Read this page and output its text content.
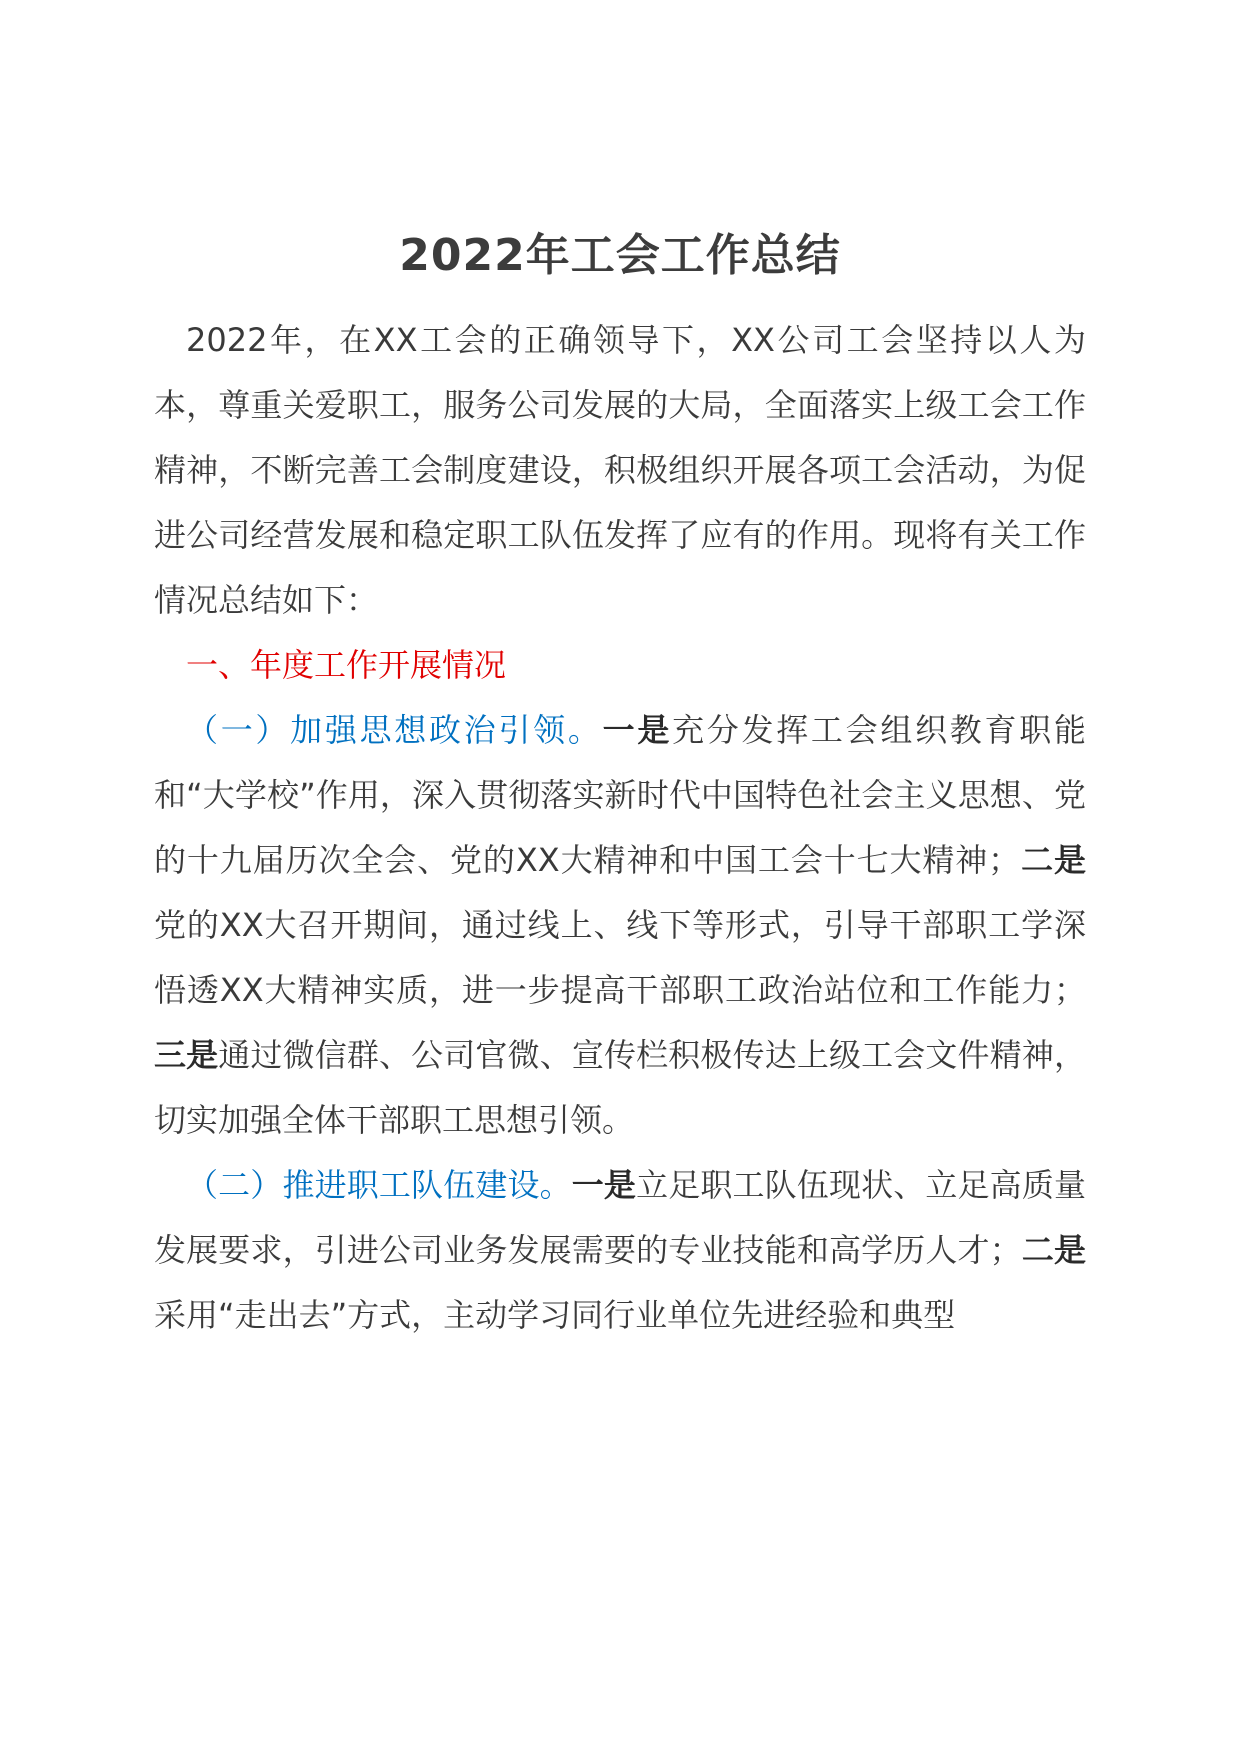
2022年工会工作总结

2022年，在XX工会的正确领导下，XX公司工会坚持以人为本，尊重关爱职工，服务公司发展的大局，全面落实上级工会工作精神，不断完善工会制度建设，积极组织开展各项工会活动，为促进公司经营发展和稳定职工队伍发挥了应有的作用。现将有关工作情况总结如下：

一、年度工作开展情况

（一）加强思想政治引领。一是充分发挥工会组织教育职能和“大学校”作用，深入贯彻落实新时代中国特色社会主义思想、党的十九届历次全会、党的XX大精神和中国工会十七大精神；二是党的XX大召开期间，通过线上、线下等形式，引导干部职工学深悟透XX大精神实质，进一步提高干部职工政治站位和工作能力；三是通过微信群、公司官微、宣传栏积极传达上级工会文件精神，切实加强全体干部职工思想引领。

（二）推进职工队伍建设。一是立足职工队伍现状、立足高质量发展要求，引进公司业务发展需要的专业技能和高学历人才；二是采用“走出去”方式，主动学习同行业单位先进经验和典型
